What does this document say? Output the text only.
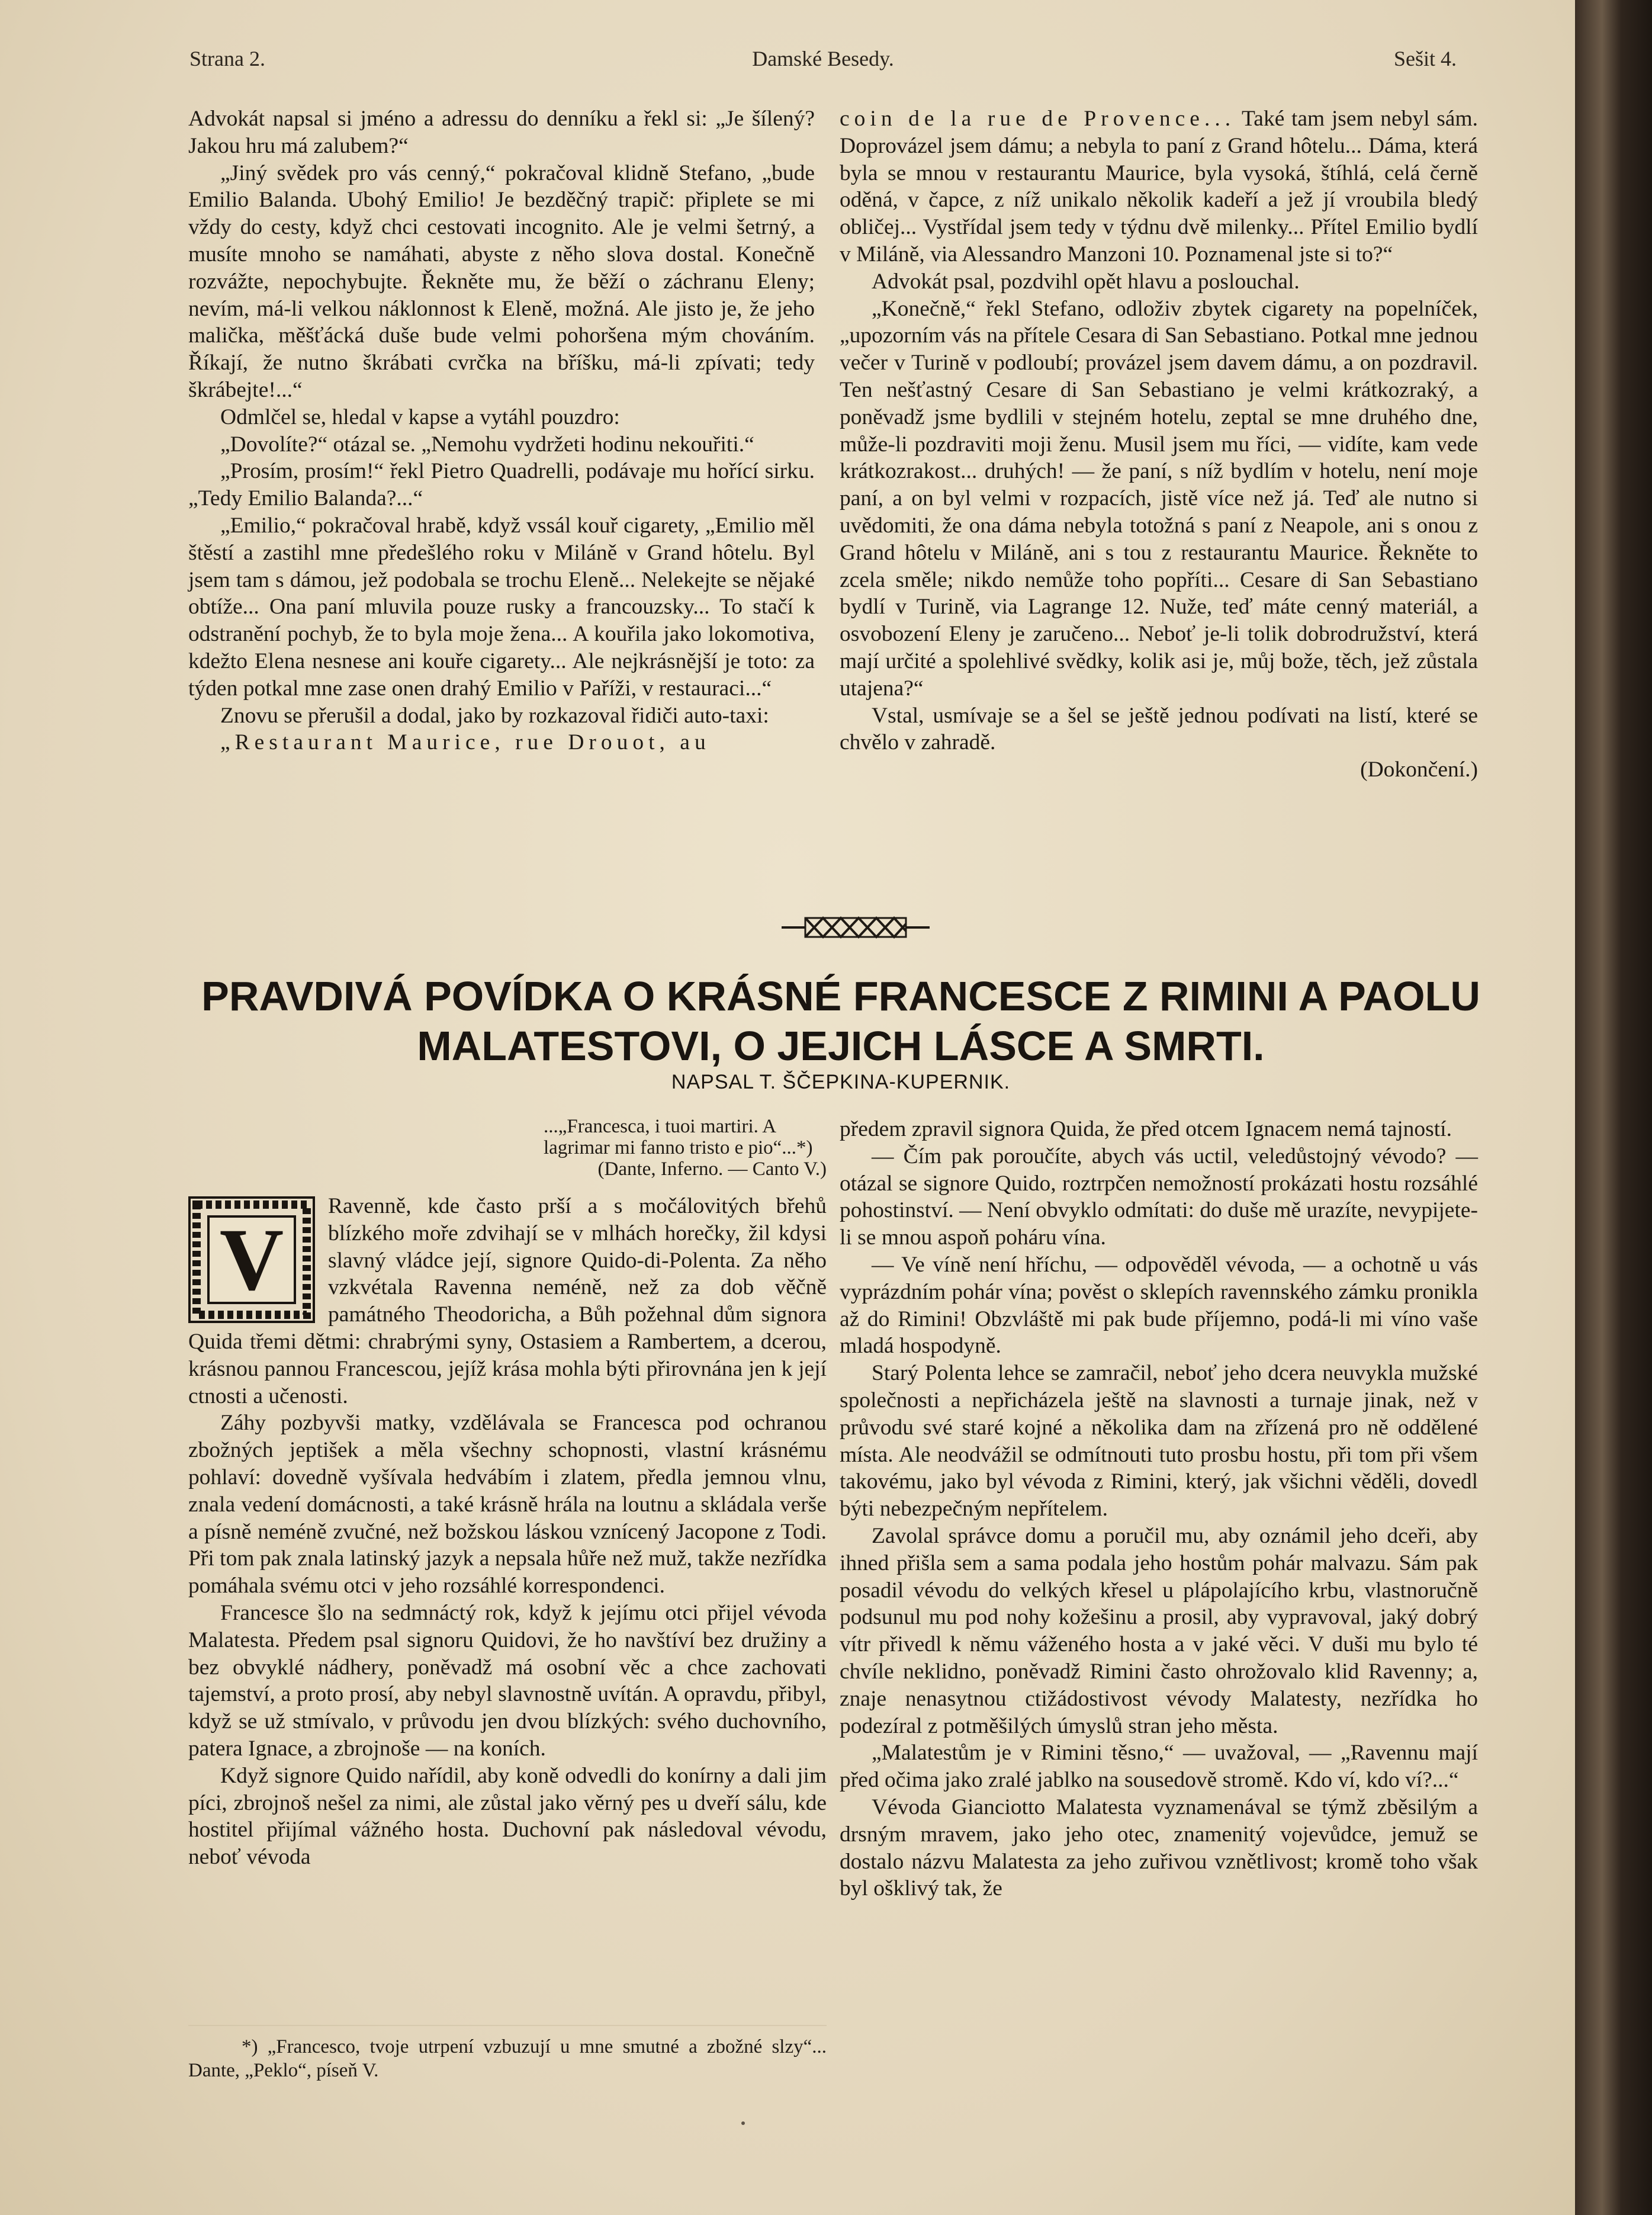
Strana 2.	Damské Besedy.	Sešit 4.

Advokát napsal si jméno a adressu do denníku a řekl si: „Je šílený? Jakou hru má zalubem?“

„Jiný svědek pro vás cenný,“ pokračoval klidně Stefano, „bude Emilio Balanda. Ubohý Emilio! Je bezděčný trapič: připlete se mi vždy do cesty, když chci cestovati incognito. Ale je velmi šetrný, a musíte mnoho se namáhati, abyste z něho slova dostal. Konečně rozvážte, nepochybujte. Řekněte mu, že běží o záchranu Eleny; nevím, má-li velkou náklonnost k Eleně, možná. Ale jisto je, že jeho malička, měšťácká duše bude velmi pohoršena mým chováním. Říkají, že nutno škrábati cvrčka na bříšku, má-li zpívati; tedy škrábejte!...“

Odmlčel se, hledal v kapse a vytáhl pouzdro:

„Dovolíte?“ otázal se. „Nemohu vydržeti hodinu nekouřiti.“

„Prosím, prosím!“ řekl Pietro Quadrelli, podávaje mu hořící sirku. „Tedy Emilio Balanda?...“

„Emilio,“ pokračoval hrabě, když vssál kouř cigarety, „Emilio měl štěstí a zastihl mne předešlého roku v Miláně v Grand hôtelu. Byl jsem tam s dámou, jež podobala se trochu Eleně... Nelekejte se nějaké obtíže... Ona paní mluvila pouze rusky a francouzsky... To stačí k odstranění pochyb, že to byla moje žena... A kouřila jako lokomotiva, kdežto Elena nesnese ani kouře cigarety... Ale nejkrásnější je toto: za týden potkal mne zase onen drahý Emilio v Paříži, v restauraci...“

Znovu se přerušil a dodal, jako by rozkazoval řidiči auto-taxi:

„Restaurant Maurice, rue Drouot, au

coin de la rue de Provence... Také tam jsem nebyl sám. Doprovázel jsem dámu; a nebyla to paní z Grand hôtelu... Dáma, která byla se mnou v restaurantu Maurice, byla vysoká, štíhlá, celá černě oděná, v čapce, z níž unikalo několik kadeří a jež jí vroubila bledý obličej... Vystřídal jsem tedy v týdnu dvě milenky... Přítel Emilio bydlí v Miláně, via Alessandro Manzoni 10. Poznamenal jste si to?“

Advokát psal, pozdvihl opět hlavu a poslouchal.

„Konečně,“ řekl Stefano, odloživ zbytek cigarety na popelníček, „upozorním vás na přítele Cesara di San Sebastiano. Potkal mne jednou večer v Turině v podloubí; provázel jsem davem dámu, a on pozdravil. Ten nešťastný Cesare di San Sebastiano je velmi krátkozraký, a poněvadž jsme bydlili v stejném hotelu, zeptal se mne druhého dne, může-li pozdraviti moji ženu. Musil jsem mu říci, — vidíte, kam vede krátkozrakost... druhých! — že paní, s níž bydlím v hotelu, není moje paní, a on byl velmi v rozpacích, jistě více než já. Teď ale nutno si uvědomiti, že ona dáma nebyla totožná s paní z Neapole, ani s onou z Grand hôtelu v Miláně, ani s tou z restaurantu Maurice. Řekněte to zcela směle; nikdo nemůže toho popříti... Cesare di San Sebastiano bydlí v Turině, via Lagrange 12. Nuže, teď máte cenný materiál, a osvobození Eleny je zaručeno... Neboť je-li tolik dobrodružství, která mají určité a spolehlivé svědky, kolik asi je, můj bože, těch, jež zůstala utajena?“

Vstal, usmívaje se a šel se ještě jednou podívati na listí, které se chvělo v zahradě.

(Dokončení.)
PRAVDIVÁ POVÍDKA O KRÁSNÉ FRANCESCE Z RIMINI A PAOLU MALATESTOVI, O JEJICH LÁSCE A SMRTI.
NAPSAL T. ŠČEPKINA-KUPERNIK.
...„Francesca, i tuoi martiri. A lagrimar mi fanno tristo e pio“...*)
(Dante, Inferno. — Canto V.)

V
Ravenně, kde často prší a s močálovitých břehů blízkého moře zdvihají se v mlhách horečky, žil kdysi slavný vládce její, signore Quido-di-Polenta. Za něho vzkvétala Ravenna neméně, než za dob věčně památného Theodoricha, a Bůh požehnal dům signora Quida třemi dětmi: chrabrými syny, Ostasiem a Rambertem, a dcerou, krásnou pannou Francescou, jejíž krása mohla býti přirovnána jen k její ctnosti a učenosti.

Záhy pozbyvši matky, vzdělávala se Francesca pod ochranou zbožných jeptišek a měla všechny schopnosti, vlastní krásnému pohlaví: dovedně vyšívala hedvábím i zlatem, předla jemnou vlnu, znala vedení domácnosti, a také krásně hrála na loutnu a skládala verše a písně neméně zvučné, než božskou láskou vznícený Jacopone z Todi. Při tom pak znala latinský jazyk a nepsala hůře než muž, takže nezřídka pomáhala svému otci v jeho rozsáhlé korrespondenci.

Francesce šlo na sedmnáctý rok, když k jejímu otci přijel vévoda Malatesta. Předem psal signoru Quidovi, že ho navštíví bez družiny a bez obvyklé nádhery, poněvadž má osobní věc a chce zachovati tajemství, a proto prosí, aby nebyl slavnostně uvítán. A opravdu, přibyl, když se už stmívalo, v průvodu jen dvou blízkých: svého duchovního, patera Ignace, a zbrojnoše — na koních.

Když signore Quido nařídil, aby koně odvedli do konírny a dali jim píci, zbrojnoš nešel za nimi, ale zůstal jako věrný pes u dveří sálu, kde hostitel přijímal vážného hosta. Duchovní pak následoval vévodu, neboť vévoda

*) „Francesco, tvoje utrpení vzbuzují u mne smutné a zbožné slzy“... Dante, „Peklo“, píseň V.

předem zpravil signora Quida, že před otcem Ignacem nemá tajností.

— Čím pak poroučíte, abych vás uctil, veledůstojný vévodo? — otázal se signore Quido, roztrpčen nemožností prokázati hostu rozsáhlé pohostinství. — Není obvyklo odmítati: do duše mě urazíte, nevypijete-li se mnou aspoň poháru vína.

— Ve víně není hříchu, — odpověděl vévoda, — a ochotně u vás vyprázdním pohár vína; pověst o sklepích ravennského zámku pronikla až do Rimini! Obzvláště mi pak bude příjemno, podá-li mi víno vaše mladá hospodyně.

Starý Polenta lehce se zamračil, neboť jeho dcera neuvykla mužské společnosti a nepřicházela ještě na slavnosti a turnaje jinak, než v průvodu své staré kojné a několika dam na zřízená pro ně oddělené místa. Ale neodvážil se odmítnouti tuto prosbu hostu, při tom při všem takovému, jako byl vévoda z Rimini, který, jak všichni věděli, dovedl býti nebezpečným nepřítelem.

Zavolal správce domu a poručil mu, aby oznámil jeho dceři, aby ihned přišla sem a sama podala jeho hostům pohár malvazu. Sám pak posadil vévodu do velkých křesel u plápolajícího krbu, vlastnoručně podsunul mu pod nohy kožešinu a prosil, aby vypravoval, jaký dobrý vítr přivedl k němu váženého hosta a v jaké věci. V duši mu bylo té chvíle neklidno, poněvadž Rimini často ohrožovalo klid Ravenny; a, znaje nenasytnou ctižádostivost vévody Malatesty, nezřídka ho podezíral z potměšilých úmyslů stran jeho města.

„Malatestům je v Rimini těsno,“ — uvažoval, — „Ravennu mají před očima jako zralé jablko na sousedově stromě. Kdo ví, kdo ví?...“

Vévoda Gianciotto Malatesta vyznamenával se týmž zběsilým a drsným mravem, jako jeho otec, znamenitý vojevůdce, jemuž se dostalo názvu Malatesta za jeho zuřivou vznětlivost; kromě toho však byl ošklivý tak, že
